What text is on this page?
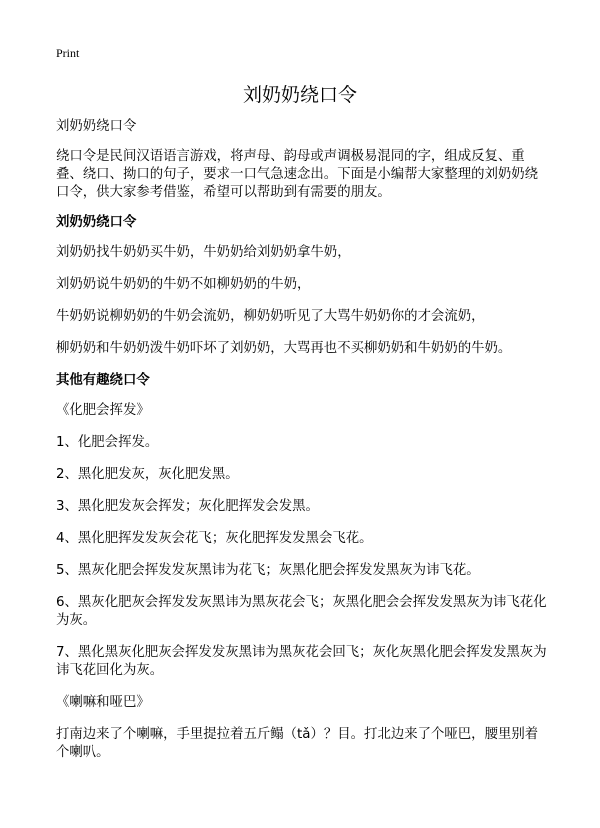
Print
刘奶奶绕口令

刘奶奶绕口令

绕口令是民间汉语语言游戏，将声母、韵母或声调极易混同的字，组成反复、重叠、绕口、拗口的句子，要求一口气急速念出。下面是小编帮大家整理的刘奶奶绕口令，供大家参考借鉴，希望可以帮助到有需要的朋友。

刘奶奶绕口令

刘奶奶找牛奶奶买牛奶，牛奶奶给刘奶奶拿牛奶，

刘奶奶说牛奶奶的牛奶不如柳奶奶的牛奶，

牛奶奶说柳奶奶的牛奶会流奶，柳奶奶听见了大骂牛奶奶你的才会流奶，

柳奶奶和牛奶奶泼牛奶吓坏了刘奶奶，大骂再也不买柳奶奶和牛奶奶的牛奶。

其他有趣绕口令

《化肥会挥发》

1、化肥会挥发。

2、黑化肥发灰，灰化肥发黑。

3、黑化肥发灰会挥发；灰化肥挥发会发黑。

4、黑化肥挥发发灰会花飞；灰化肥挥发发黑会飞花。

5、黑灰化肥会挥发发灰黑讳为花飞；灰黑化肥会挥发发黑灰为讳飞花。

6、黑灰化肥灰会挥发发灰黑讳为黑灰花会飞；灰黑化肥会会挥发发黑灰为讳飞花化为灰。

7、黑化黑灰化肥灰会挥发发灰黑讳为黑灰花会回飞；灰化灰黑化肥会挥发发黑灰为讳飞花回化为灰。

《喇嘛和哑巴》

打南边来了个喇嘛，手里提拉着五斤鳎（tǎ）？目。打北边来了个哑巴，腰里别着个喇叭。
